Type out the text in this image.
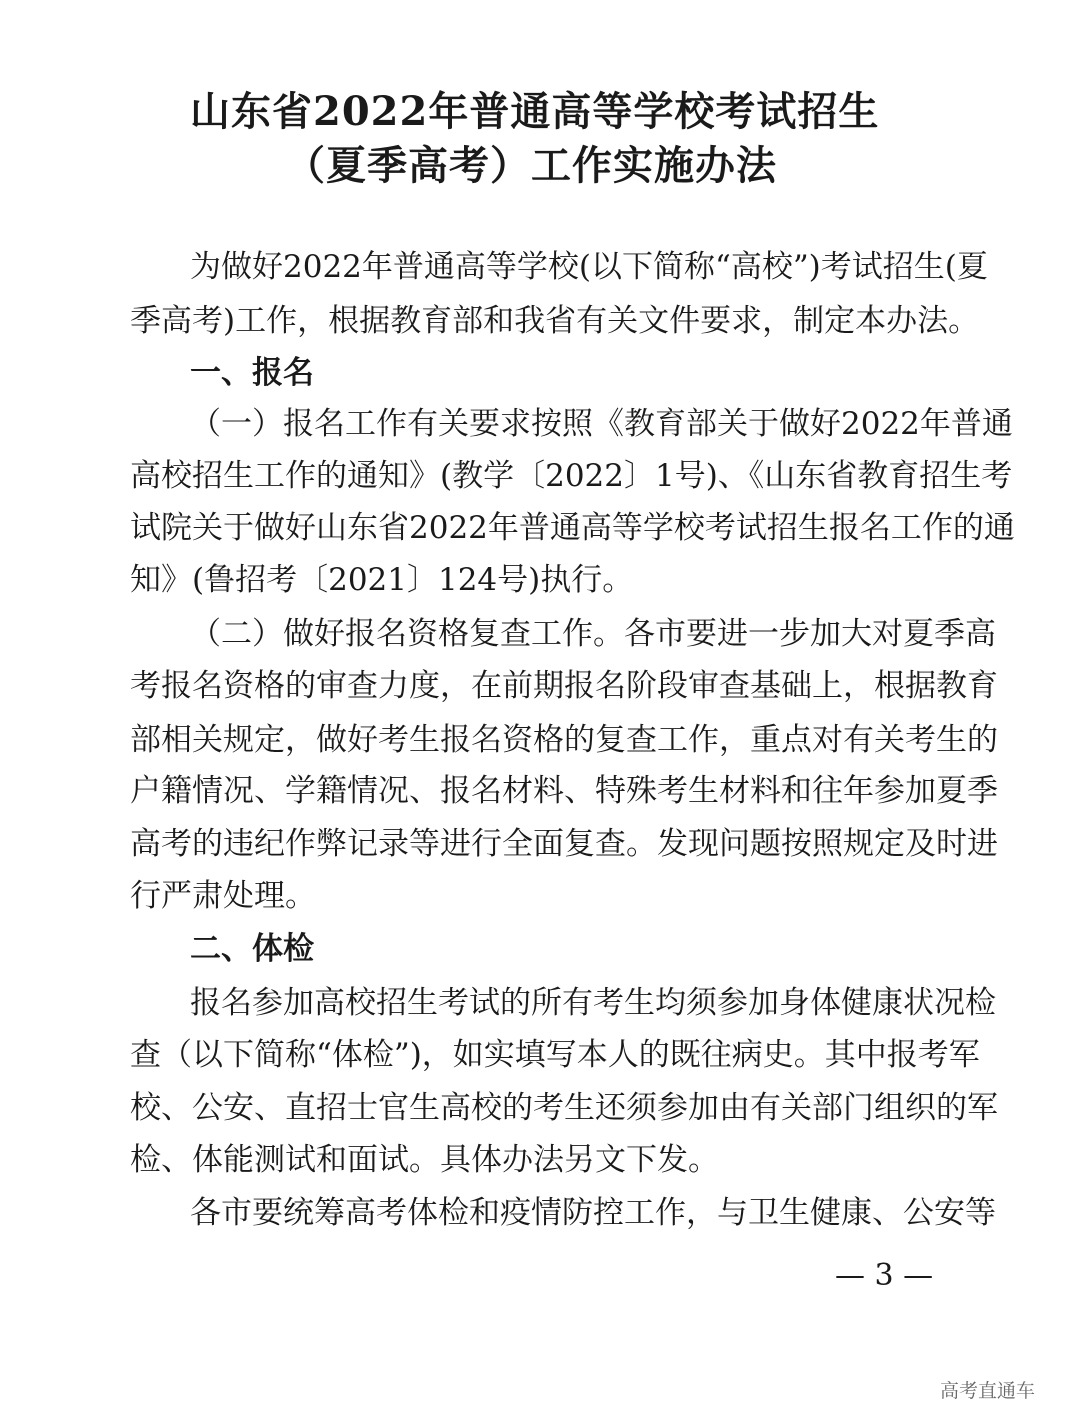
山东省2022年普通高等学校考试招生
（夏季高考）工作实施办法
为做好2022年普通高等学校(以下简称“高校”)考试招生(夏
季高考)工作，根据教育部和我省有关文件要求，制定本办法。
一、报名
（一）报名工作有关要求按照《教育部关于做好2022年普通
高校招生工作的通知》(教学〔2022〕1号)、《山东省教育招生考
试院关于做好山东省2022年普通高等学校考试招生报名工作的通
知》(鲁招考〔2021〕124号)执行。
（二）做好报名资格复查工作。各市要进一步加大对夏季高
考报名资格的审查力度，在前期报名阶段审查基础上，根据教育
部相关规定，做好考生报名资格的复查工作，重点对有关考生的
户籍情况、学籍情况、报名材料、特殊考生材料和往年参加夏季
高考的违纪作弊记录等进行全面复查。发现问题按照规定及时进
行严肃处理。
二、体检
报名参加高校招生考试的所有考生均须参加身体健康状况检
查（以下简称“体检”)，如实填写本人的既往病史。其中报考军
校、公安、直招士官生高校的考生还须参加由有关部门组织的军
检、体能测试和面试。具体办法另文下发。
各市要统筹高考体检和疫情防控工作，与卫生健康、公安等
— 3 —
高考直通车
